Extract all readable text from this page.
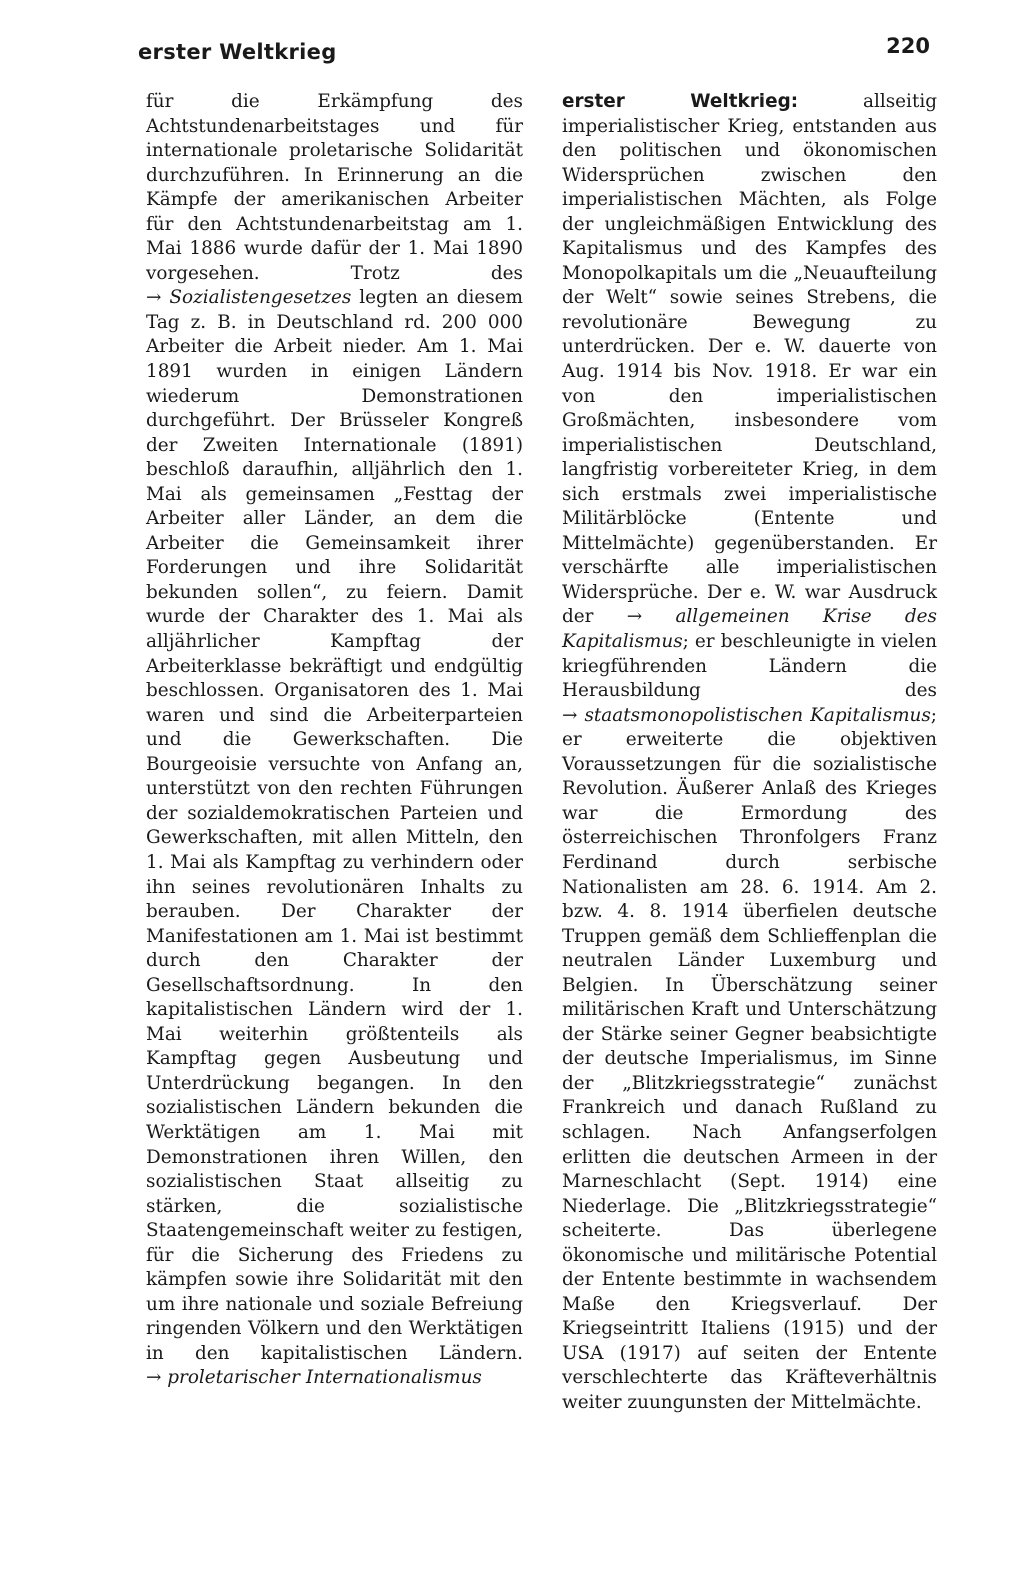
erster Weltkrieg	220

für die Erkämpfung des Achtstundenarbeitstages und für internationale proletarische Solidarität durchzuführen. In Erinnerung an die Kämpfe der amerikanischen Arbeiter für den Achtstundenarbeitstag am 1. Mai 1886 wurde dafür der 1. Mai 1890 vorgesehen. Trotz des → Sozialistengesetzes legten an diesem Tag z. B. in Deutschland rd. 200 000 Arbeiter die Arbeit nieder. Am 1. Mai 1891 wurden in einigen Ländern wiederum Demonstrationen durchgeführt. Der Brüsseler Kongreß der Zweiten Internationale (1891) beschloß daraufhin, alljährlich den 1. Mai als gemeinsamen „Festtag der Arbeiter aller Länder, an dem die Arbeiter die Gemeinsamkeit ihrer Forderungen und ihre Solidarität bekunden sollen“, zu feiern. Damit wurde der Charakter des 1. Mai als alljährlicher Kampftag der Arbeiterklasse bekräftigt und endgültig beschlossen. Organisatoren des 1. Mai waren und sind die Arbeiterparteien und die Gewerkschaften. Die Bourgeoisie versuchte von Anfang an, unterstützt von den rechten Führungen der sozialdemokratischen Parteien und Gewerkschaften, mit allen Mitteln, den 1. Mai als Kampftag zu verhindern oder ihn seines revolutionären Inhalts zu berauben. Der Charakter der Manifestationen am 1. Mai ist bestimmt durch den Charakter der Gesellschaftsordnung. In den kapitalistischen Ländern wird der 1. Mai weiterhin größtenteils als Kampftag gegen Ausbeutung und Unterdrückung begangen. In den sozialistischen Ländern bekunden die Werktätigen am 1. Mai mit Demonstrationen ihren Willen, den sozialistischen Staat allseitig zu stärken, die sozialistische Staatengemeinschaft weiter zu festigen, für die Sicherung des Friedens zu kämpfen sowie ihre Solidarität mit den um ihre nationale und soziale Befreiung ringenden Völkern und den Werktätigen in den kapitalistischen Ländern. → proletarischer Internationalismus

erster Weltkrieg: allseitig imperialistischer Krieg, entstanden aus den politischen und ökonomischen Widersprüchen zwischen den imperialistischen Mächten, als Folge der ungleichmäßigen Entwicklung des Kapitalismus und des Kampfes des Monopolkapitals um die „Neuaufteilung der Welt“ sowie seines Strebens, die revolutionäre Bewegung zu unterdrücken. Der e. W. dauerte von Aug. 1914 bis Nov. 1918. Er war ein von den imperialistischen Großmächten, insbesondere vom imperialistischen Deutschland, langfristig vorbereiteter Krieg, in dem sich erstmals zwei imperialistische Militärblöcke (Entente und Mittelmächte) gegenüberstanden. Er verschärfte alle imperialistischen Widersprüche. Der e. W. war Ausdruck der → allgemeinen Krise des Kapitalismus; er beschleunigte in vielen kriegführenden Ländern die Herausbildung des → staatsmonopolistischen Kapitalismus; er erweiterte die objektiven Voraussetzungen für die sozialistische Revolution. Äußerer Anlaß des Krieges war die Ermordung des österreichischen Thronfolgers Franz Ferdinand durch serbische Nationalisten am 28. 6. 1914. Am 2. bzw. 4. 8. 1914 überfielen deutsche Truppen gemäß dem Schlieffenplan die neutralen Länder Luxemburg und Belgien. In Überschätzung seiner militärischen Kraft und Unterschätzung der Stärke seiner Gegner beabsichtigte der deutsche Imperialismus, im Sinne der „Blitzkriegsstrategie“ zunächst Frankreich und danach Rußland zu schlagen. Nach Anfangserfolgen erlitten die deutschen Armeen in der Marneschlacht (Sept. 1914) eine Niederlage. Die „Blitzkriegsstrategie“ scheiterte. Das überlegene ökonomische und militärische Potential der Entente bestimmte in wachsendem Maße den Kriegsverlauf. Der Kriegseintritt Italiens (1915) und der USA (1917) auf seiten der Entente verschlechterte das Kräfteverhältnis weiter zuungunsten der Mittelmächte.
